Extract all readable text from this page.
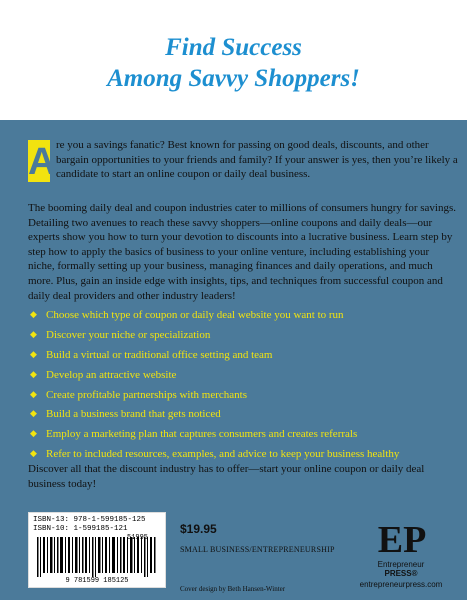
Find Success
Among Savvy Shoppers!
A re you a savings fanatic? Best known for passing on good deals, discounts, and other bargain opportunities to your friends and family? If your answer is yes, then you’re likely a candidate to start an online coupon or daily deal business.

The booming daily deal and coupon industries cater to millions of consumers hungry for savings. Detailing two avenues to reach these savvy shoppers—online coupons and daily deals—our experts show you how to turn your devotion to discounts into a lucrative business. Learn step by step how to apply the basics of business to your online venture, including establishing your niche, formally setting up your business, managing finances and daily operations, and much more. Plus, gain an inside edge with insights, tips, and techniques from successful coupon and daily deal providers and other industry leaders!

◆ Choose which type of coupon or daily deal website you want to run
◆ Discover your niche or specialization
◆ Build a virtual or traditional office setting and team
◆ Develop an attractive website
◆ Create profitable partnerships with merchants
◆ Build a business brand that gets noticed
◆ Employ a marketing plan that captures consumers and creates referrals
◆ Refer to included resources, examples, and advice to keep your business healthy

Discover all that the discount industry has to offer—start your online coupon or daily deal business today!

ISBN-13: 978-1-599185-125
ISBN-10: 1-599185-121
9 781599 185125
$19.95
SMALL BUSINESS/ENTREPRENEURSHIP
Cover design by Beth Hansen-Winter
EP
Entrepreneur
PRESS®
entrepreneurpress.com
